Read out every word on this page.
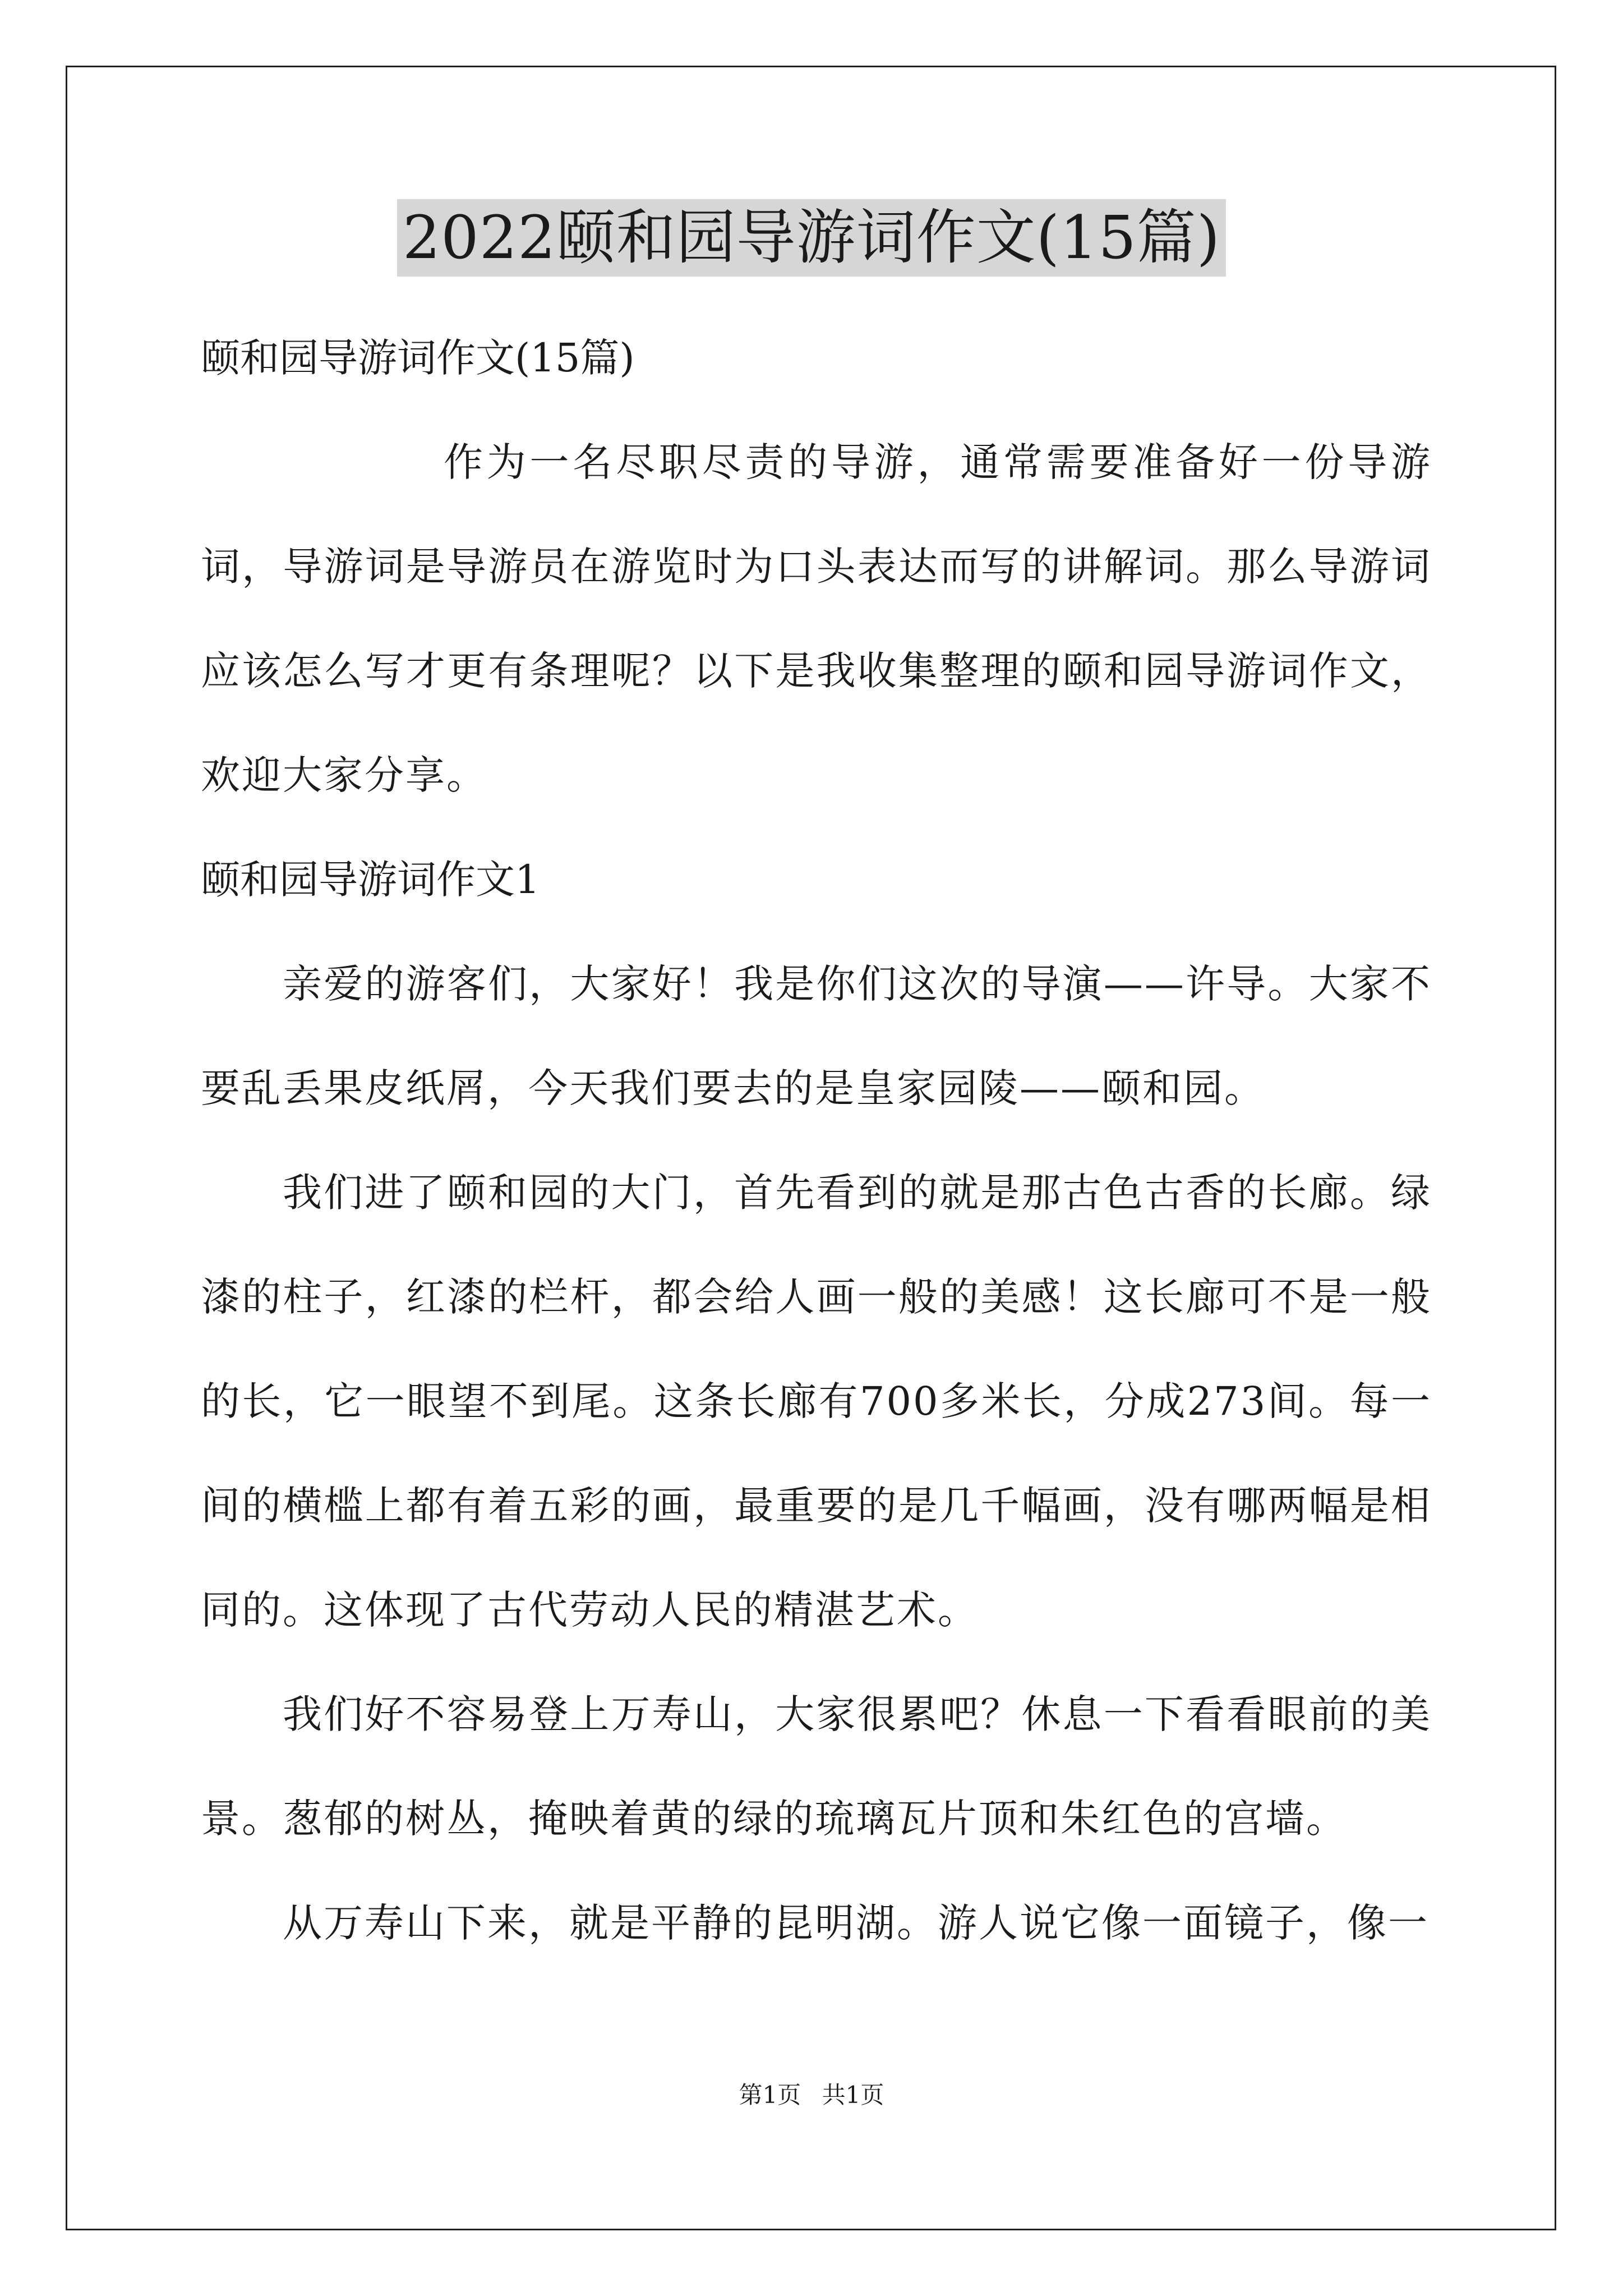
2022颐和园导游词作文(15篇)

颐和园导游词作文(15篇)

作为一名尽职尽责的导游，通常需要准备好一份导游词，导游词是导游员在游览时为口头表达而写的讲解词。那么导游词应该怎么写才更有条理呢？以下是我收集整理的颐和园导游词作文，欢迎大家分享。

颐和园导游词作文1

亲爱的游客们，大家好！我是你们这次的导演——许导。大家不要乱丢果皮纸屑，今天我们要去的是皇家园陵——颐和园。

我们进了颐和园的大门，首先看到的就是那古色古香的长廊。绿漆的柱子，红漆的栏杆，都会给人画一般的美感！这长廊可不是一般的长，它一眼望不到尾。这条长廊有700多米长，分成273间。每一间的横槛上都有着五彩的画，最重要的是几千幅画，没有哪两幅是相同的。这体现了古代劳动人民的精湛艺术。

我们好不容易登上万寿山，大家很累吧？休息一下看看眼前的美景。葱郁的树丛，掩映着黄的绿的琉璃瓦片顶和朱红色的宫墙。

从万寿山下来，就是平静的昆明湖。游人说它像一面镜子，像一

第1页 共1页
